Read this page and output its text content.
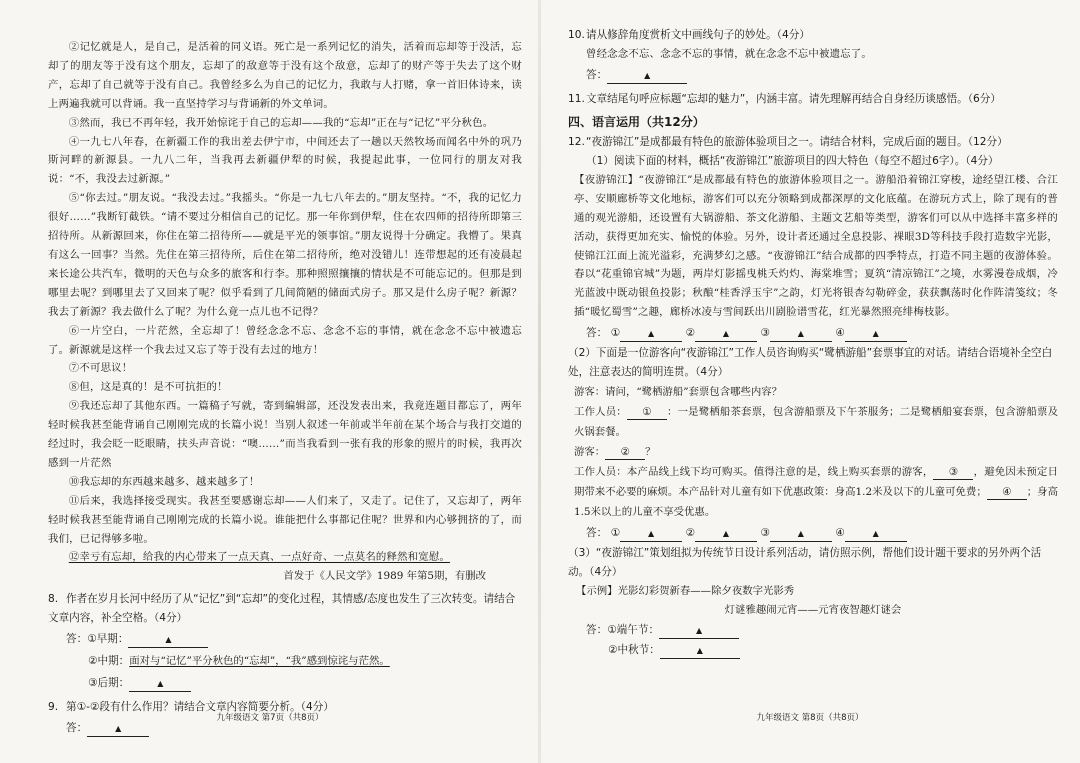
②记忆就是人，是自己，是活着的同义语。死亡是一系列记忆的消失，活着而忘却等于没活，忘却了的朋友等于没有这个朋友，忘却了的敌意等于没有这个敌意，忘却了的财产等于失去了这个财产，忘却了自己就等于没有自己。我曾经多么为自己的记忆力，我敢与人打赌，拿一首旧体诗来，读上两遍我就可以背诵。我一直坚持学习与背诵新的外文单词。

③然而，我已不再年轻，我开始惊诧于自己的忘却——我的“忘却”正在与“记忆”平分秋色。

④一九七八年春，在新疆工作的我出差去伊宁市，中间还去了一趟以天然牧场而闻名中外的巩乃斯河畔的新源县。一九八二年，当我再去新疆伊犁的时候，我提起此事，一位同行的朋友对我说：“不，我没去过新源。”

⑤“你去过。”朋友说。“我没去过。”我摇头。“你是一九七八年去的。”朋友坚持。“不，我的记忆力很好……”我断钉截铁。“请不要过分相信自己的记忆。那一年你到伊犁，住在农四师的招待所即第三招待所。从新源回来，你住在第二招待所——就是平光的领事馆。”朋友说得十分确定。我懵了。果真有这么一回事？当然。先住在第三招待所，后住在第二招待所，绝对没错儿！连带想起的还有凌晨起来长途公共汽车，微明的天色与众多的旅客和行李。那种照照攘攘的情状是不可能忘记的。但那是到哪里去呢？到哪里去了又回来了呢？似乎看到了几间简陋的储面式房子。那又是什么房子呢？新源？我去了新源？我去做什么了呢？为什么竟一点儿也不记得？

⑥一片空白，一片茫然，全忘却了！曾经念念不忘、念念不忘的事情，就在念念不忘中被遗忘了。新源就是这样一个我去过又忘了等于没有去过的地方！

⑦不可思议！

⑧但，这是真的！是不可抗拒的！

⑨我还忘却了其他东西。一篇稿子写就，寄到编辑部，还没发表出来，我竟连题目都忘了，两年轻时候我甚至能背诵自己刚刚完成的长篇小说！当别人叙述一年前或半年前在某个场合与我打交道的经过时，我会眨一眨眼睛，扶头声音说：“噢……”而当我看到一张有我的形象的照片的时候，我再次感到一片茫然

⑩我忘却的东西越来越多、越来越多了！

⑪后来，我选择接受现实。我甚至要感谢忘却——人们来了，又走了。记住了，又忘却了，两年轻时候我甚至能背诵自己刚刚完成的长篇小说。谁能把什么事都记住呢？世界和内心够拥挤的了，而我们，已记得够多啦。

⑫幸亏有忘却，给我的内心带来了一点天真、一点好奇、一点莫名的释然和宽慰。

首发于《人民文学》1989 年第5期，有删改

8. 作者在岁月长河中经历了从“记忆”到“忘却”的变化过程，其情感/态度也发生了三次转变。请结合文章内容，补全空格。（4分）
答：①早期：	▲
②中期：面对与“记忆”平分秋色的“忘却”，“我”感到惊诧与茫然。
③后期：	▲
9. 第①-②段有什么作用？请结合文章内容简要分析。（4分）
答：	▲
九年级语文 第7页（共8页）
10.请从修辞角度赏析文中画线句子的妙处。（4分）

曾经念念不忘、念念不忘的事情，就在念念不忘中被遗忘了。

答：	▲
11.文章结尾句呼应标题“忘却的魅力”，内涵丰富。请先理解再结合自身经历谈感悟。（6分）
四、语言运用（共12分）
12.“夜游锦江”是成都最有特色的旅游体验项目之一。请结合材料，完成后面的题目。（12分）
（1）阅读下面的材料，概括“夜游锦江”旅游项目的四大特色（每空不超过6字）。（4分）

【夜游锦江】“夜游锦江”是成都最有特色的旅游体验项目之一。游船沿着锦江穿梭，途经望江楼、合江亭、安顺廊桥等文化地标，游客们可以充分领略到成都深厚的文化底蕴。在游玩方式上，除了现有的普通的观光游船，还设置有大锅游船、茶文化游船、主题文艺船等类型，游客们可以从中选择丰富多样的活动，获得更加充实、愉悦的体验。另外，设计者还通过全息投影、裸眼3D等科技手段打造数字光影，使锦江江面上流光溢彩，充满梦幻之感。“夜游锦江”结合成都的四季特点，打造不同主题的夜游体验。春以“花重锦官城”为题，两岸灯影摇曳桃夭灼灼、海棠堆雪；夏筑“清凉锦江”之境，水雾漫卷成烟，冷光蓝波中既动银鱼投影；秋酿“桂香浮玉宇”之韵，灯光将银杏勾勒碎金，获获飘荡时化作阵清笺纹；冬插“暖忆蜀雪”之趣，廊桥冰凌与雪间跃出川剧脸谱雪花，红光暴然照亮绯梅枝影。

答： ①	▲	②	▲	③	▲	④	▲
（2）下面是一位游客向“夜游锦江”工作人员咨询购买“鹭栖游船”套票事宜的对话。请结合语境补全空白处，注意表达的简明连贯。（4分）

游客：请问，“鹭栖游船”套票包含哪些内容？

工作人员： ① ：一是鹭栖船茶套票，包含游船票及下午茶服务；二是鹭栖船宴套票，包含游船票及火锅套餐。

游客： ② ？

工作人员：本产品线上线下均可购买。值得注意的是，线上购买套票的游客， ③ ，避免因未预定日期带来不必要的麻烦。本产品针对儿童有如下优惠政策：身高1.2米及以下的儿童可免费； ④ ；身高1.5米以上的儿童不享受优惠。

答： ①	▲	②	▲	③	▲	④	▲
（3）“夜游锦江”策划组拟为传统节日设计系列活动，请仿照示例，帮他们设计题干要求的另外两个活动。（4分）

【示例】光影幻彩贺新春——除夕夜数字光影秀

灯谜雅趣闹元宵——元宵夜智趣灯谜会

答：①端午节：	▲
②中秋节：	▲
九年级语文 第8页（共8页）
